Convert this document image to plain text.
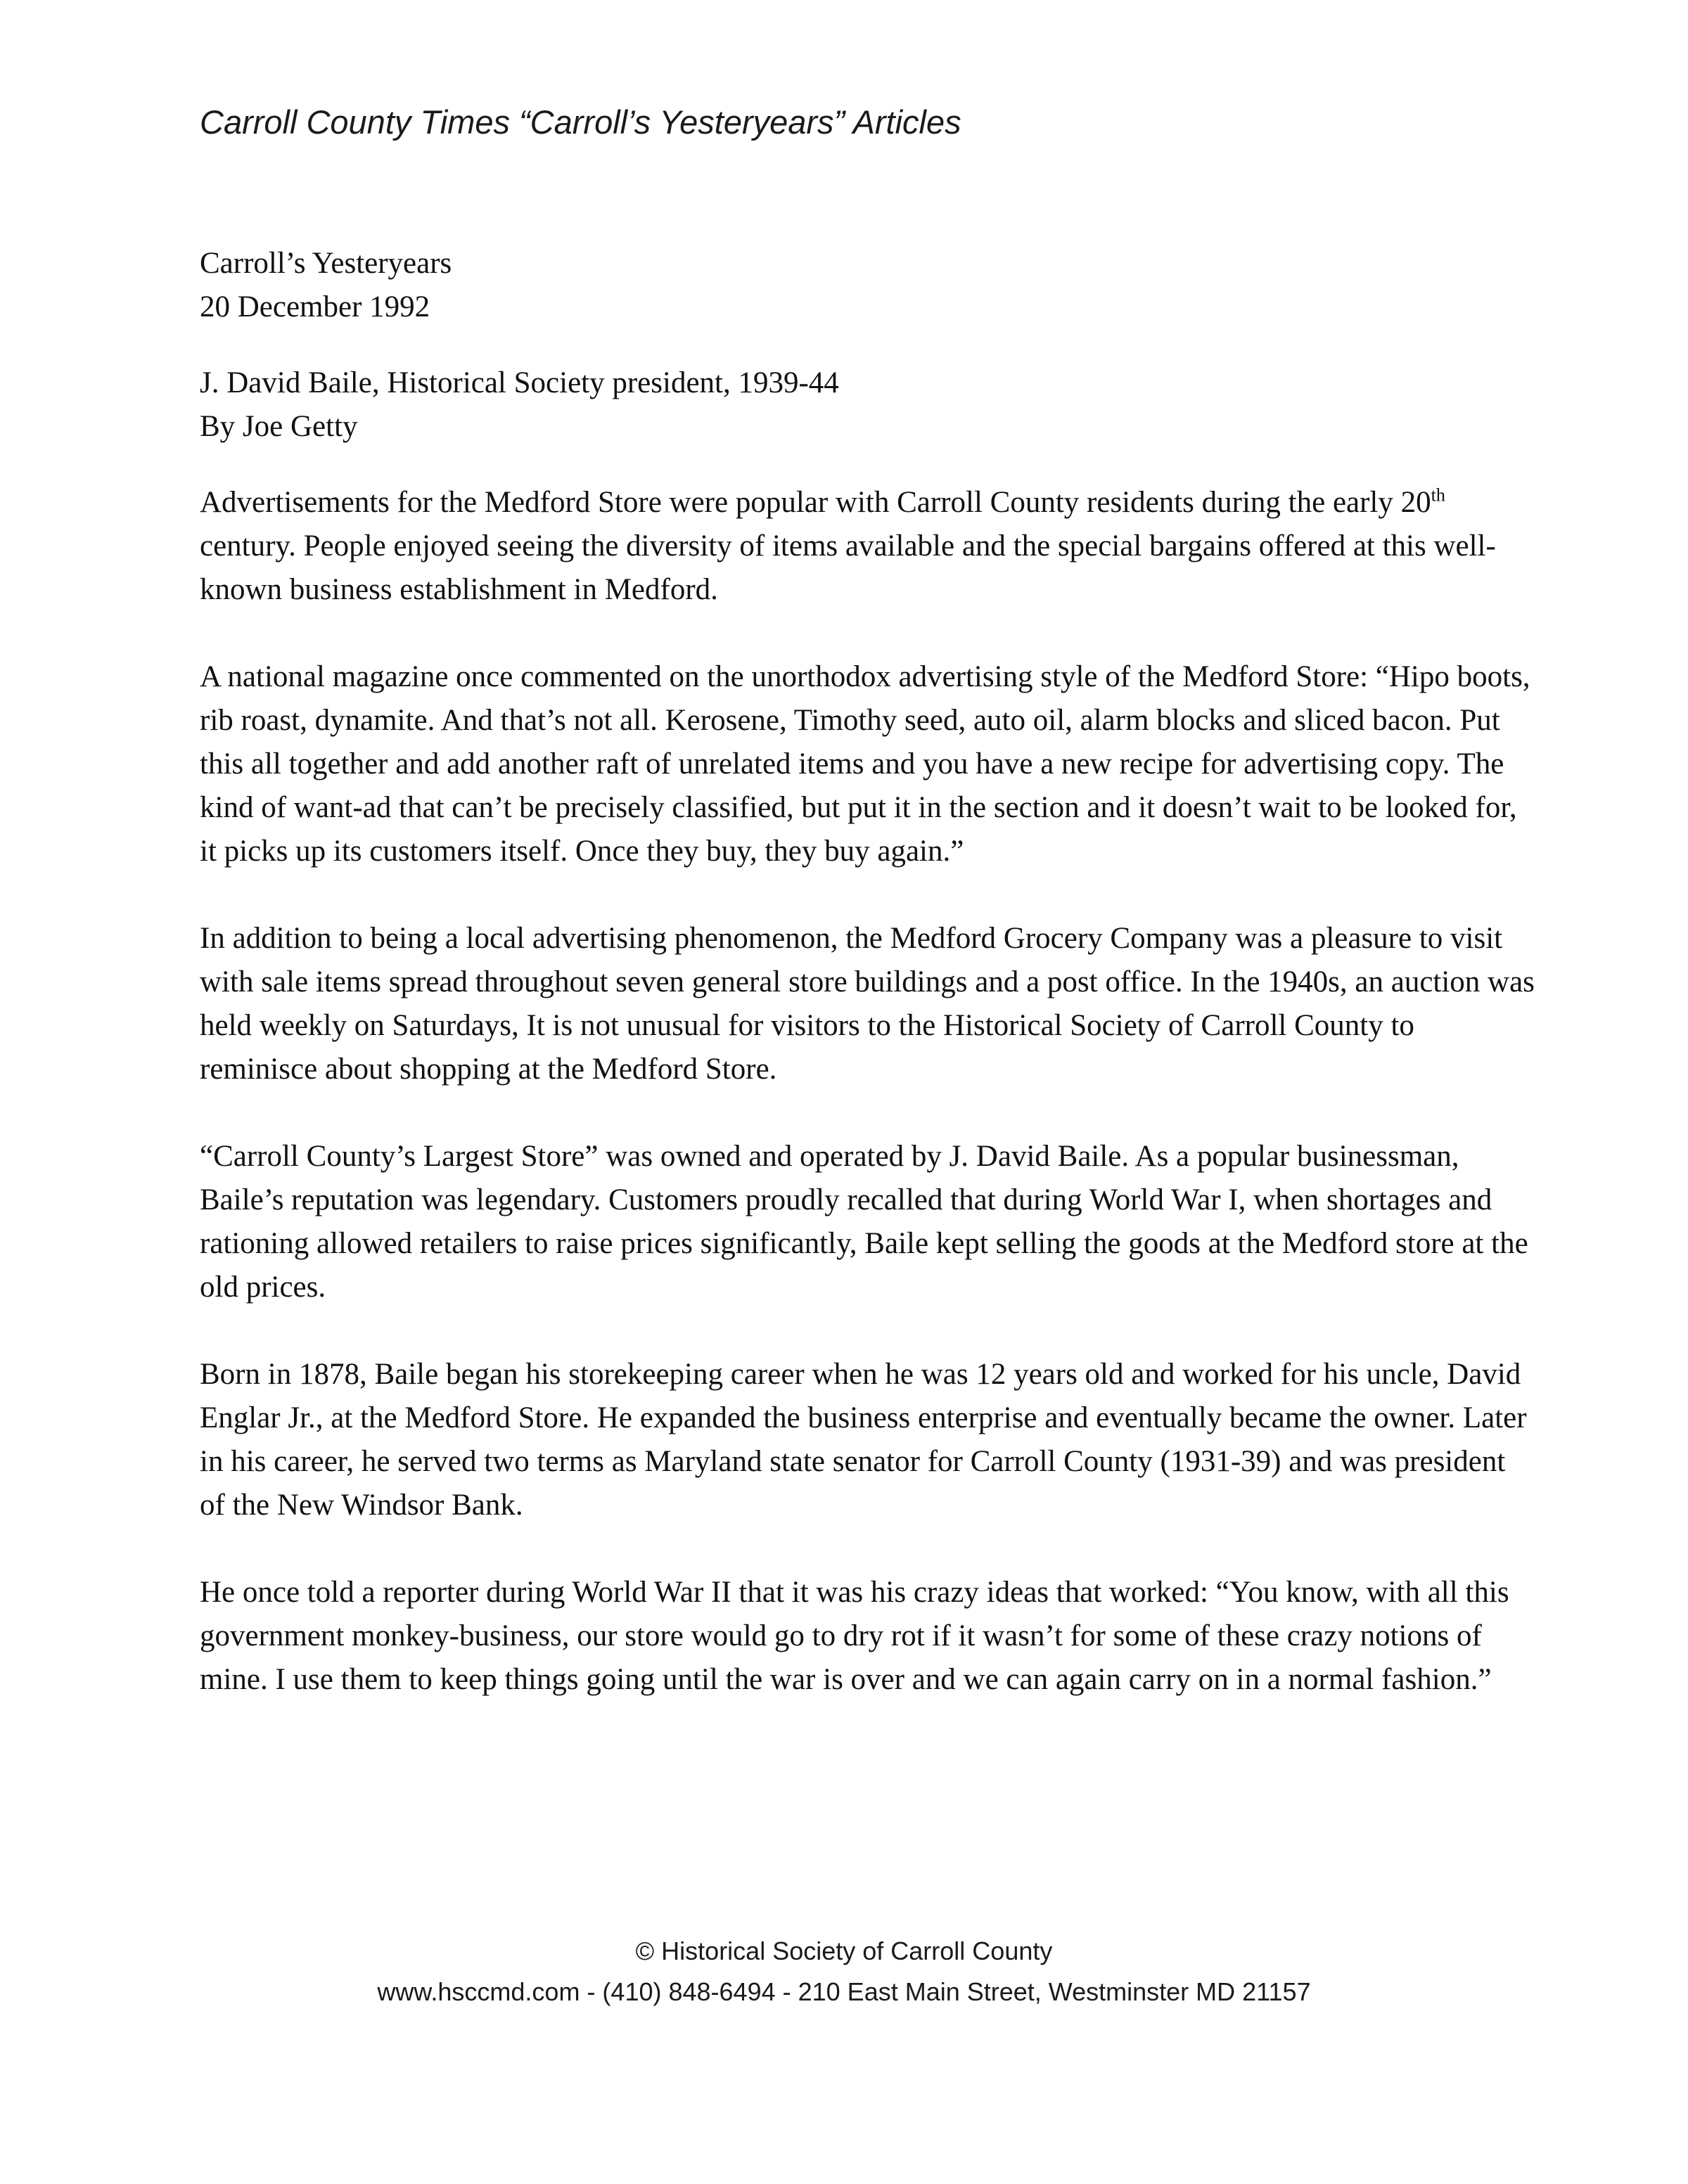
Carroll County Times “Carroll’s Yesteryears” Articles
Carroll’s Yesteryears
20 December 1992
J. David Baile, Historical Society president, 1939-44
By Joe Getty

Advertisements for the Medford Store were popular with Carroll County residents during the early 20th century. People enjoyed seeing the diversity of items available and the special bargains offered at this well-known business establishment in Medford.

A national magazine once commented on the unorthodox advertising style of the Medford Store: “Hipo boots, rib roast, dynamite. And that’s not all. Kerosene, Timothy seed, auto oil, alarm blocks and sliced bacon. Put this all together and add another raft of unrelated items and you have a new recipe for advertising copy. The kind of want-ad that can’t be precisely classified, but put it in the section and it doesn’t wait to be looked for, it picks up its customers itself. Once they buy, they buy again.”

In addition to being a local advertising phenomenon, the Medford Grocery Company was a pleasure to visit with sale items spread throughout seven general store buildings and a post office. In the 1940s, an auction was held weekly on Saturdays, It is not unusual for visitors to the Historical Society of Carroll County to reminisce about shopping at the Medford Store.

“Carroll County’s Largest Store” was owned and operated by J. David Baile. As a popular businessman, Baile’s reputation was legendary. Customers proudly recalled that during World War I, when shortages and rationing allowed retailers to raise prices significantly, Baile kept selling the goods at the Medford store at the old prices.

Born in 1878, Baile began his storekeeping career when he was 12 years old and worked for his uncle, David Englar Jr., at the Medford Store. He expanded the business enterprise and eventually became the owner. Later in his career, he served two terms as Maryland state senator for Carroll County (1931-39) and was president of the New Windsor Bank.

He once told a reporter during World War II that it was his crazy ideas that worked: “You know, with all this government monkey-business, our store would go to dry rot if it wasn’t for some of these crazy notions of mine. I use them to keep things going until the war is over and we can again carry on in a normal fashion.”

© Historical Society of Carroll County
www.hsccmd.com - (410) 848-6494 - 210 East Main Street, Westminster MD 21157
